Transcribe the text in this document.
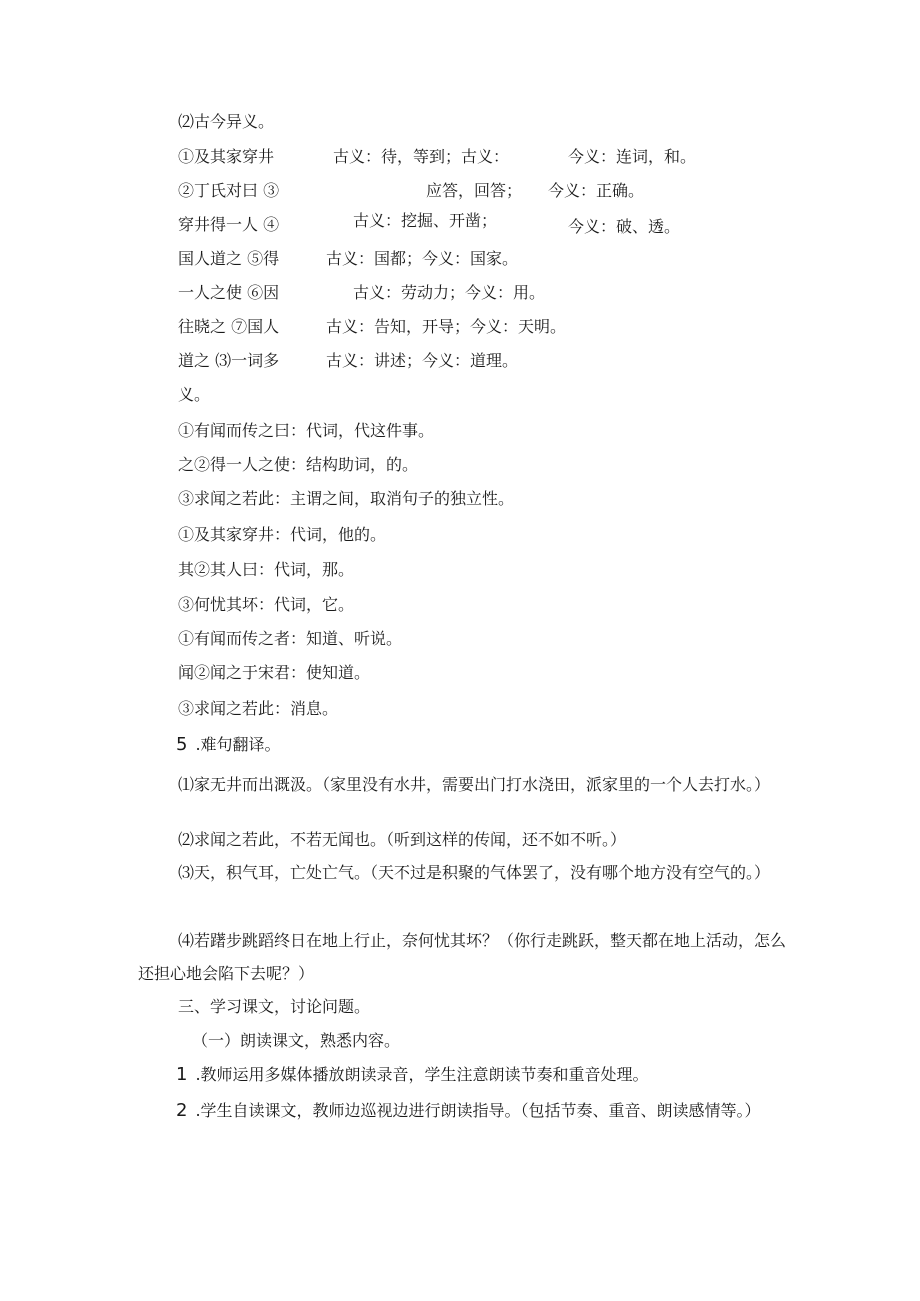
⑵古今异义。
①及其家穿井	古义：待，等到；古义：	今义：连词，和。
②丁氏对曰 ③	应答，回答； 今义：正确。
穿井得一人 ④	古义：挖掘、开凿；	今义：破、透。
国人道之 ⑤得	古义：国都；今义：国家。
一人之使 ⑥因	古义：劳动力；今义：用。
往晓之 ⑦国人	古义：告知，开导；今义：天明。
道之 ⑶一词多	古义：讲述；今义：道理。
义。
①有闻而传之曰：代词，代这件事。
之②得一人之使：结构助词，的。
③求闻之若此：主谓之间，取消句子的独立性。
①及其家穿井：代词，他的。
其②其人曰：代词，那。
③何忧其坏：代词，它。
①有闻而传之者：知道、听说。
闻②闻之于宋君：使知道。
③求闻之若此：消息。
5 .难句翻译。
⑴家无井而出溉汲。（家里没有水井，需要出门打水浇田，派家里的一个人去打水。）
⑵求闻之若此，不若无闻也。（听到这样的传闻，还不如不听。）
⑶天，积气耳，亡处亡气。（天不过是积聚的气体罢了，没有哪个地方没有空气的。）
⑷若躇步跳蹈终日在地上行止，奈何忧其坏？（你行走跳跃，整天都在地上活动，怎么还担心地会陷下去呢？）
三、学习课文，讨论问题。
（一）朗读课文，熟悉内容。
1 .教师运用多媒体播放朗读录音，学生注意朗读节奏和重音处理。
2 .学生自读课文，教师边巡视边进行朗读指导。（包括节奏、重音、朗读感情等。）
